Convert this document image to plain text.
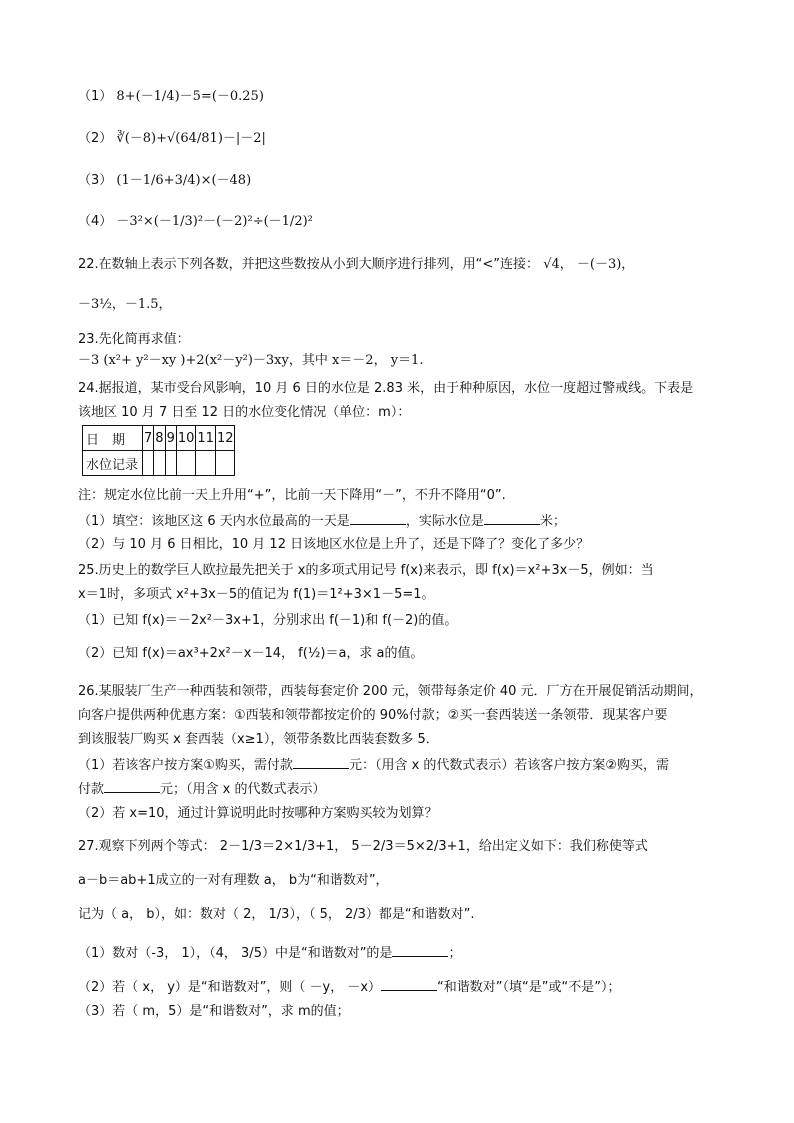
（1） 8+(－1/4)－5=(－0.25)
（2） ∛(－8)+√(64/81)－|－2|
（3） (1－1/6+3/4)×(－48)
（4） －3²×(－1/3)²－(－2)²÷(－1/2)²
22.在数轴上表示下列各数，并把这些数按从小到大顺序进行排列，用“<”连接： √4， －(－3)，
－3½，－1.5，
23.先化简再求值：
－3 (x²+ y²－xy )+2(x²－y²)－3xy，其中 x＝－2， y＝1.
24.据报道，某市受台风影响，10 月 6 日的水位是 2.83 米，由于种种原因，水位一度超过警戒线。下表是
该地区 10 月 7 日至 12 日的水位变化情况（单位：m）：
日　期	7	8	9	10	11	12
水位记录						
注：规定水位比前一天上升用“+”，比前一天下降用“－”，不升不降用“0”.
（1）填空：该地区这 6 天内水位最高的一天是	，实际水位是	米；
（2）与 10 月 6 日相比，10 月 12 日该地区水位是上升了，还是下降了？变化了多少？
25.历史上的数学巨人欧拉最先把关于 x的多项式用记号 f(x)来表示，即 f(x)＝x²+3x－5，例如：当
x＝1时，多项式 x²+3x－5的值记为 f(1)＝1²+3×1－5=1。
（1）已知 f(x)＝－2x²－3x+1，分别求出 f(－1)和 f(－2)的值。
（2）已知 f(x)＝ax³+2x²－x－14， f(½)＝a，求 a的值。
26.某服装厂生产一种西装和领带，西装每套定价 200 元，领带每条定价 40 元．厂方在开展促销活动期间，
向客户提供两种优惠方案：①西装和领带都按定价的 90%付款；②买一套西装送一条领带．现某客户要
到该服装厂购买 x 套西装（x≥1），领带条数比西装套数多 5．
（1）若该客户按方案①购买，需付款	元：（用含 x 的代数式表示）若该客户按方案②购买，需
付款	元；（用含 x 的代数式表示）
（2）若 x=10，通过计算说明此时按哪种方案购买较为划算？
27.观察下列两个等式： 2－1/3＝2×1/3+1， 5－2/3＝5×2/3+1，给出定义如下：我们称使等式
a－b＝ab+1成立的一对有理数 a， b为“和谐数对”，
记为（ a， b），如：数对（ 2， 1/3），（ 5， 2/3）都是“和谐数对”.
（1）数对（-3， 1），（4， 3/5）中是“和谐数对”的是	；
（2）若（ x， y）是“和谐数对”，则（ －y， －x）	“和谐数对”（填“是”或“不是”）；
（3）若（ m，5）是“和谐数对”，求 m的值；
